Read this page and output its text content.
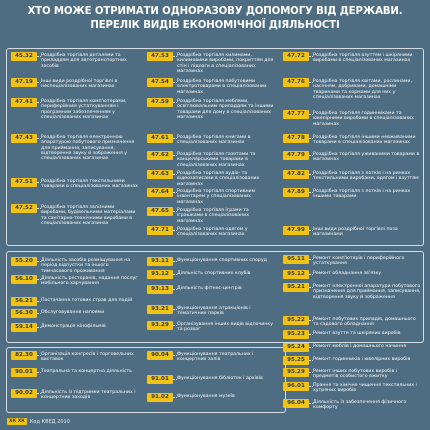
ХТО МОЖЕ ОТРИМАТИ ОДНОРАЗОВУ ДОПОМОГУ ВІД ДЕРЖАВИ.
ПЕРЕЛІК ВИДІВ ЕКОНОМІЧНОЇ ДІЯЛЬНОСТІ
45.32	Роздрібна торгівля деталями та приладдям для автотранспортних засобів
47.19	Інші види роздрібної торгівлі в неспеціалізованих магазинах
47.41	Роздрібна торгівля комп'ютерами, периферійним устаткуванням і програмним забезпеченням у спеціалізованих магазинах
47.43	Роздрібна торгівля електронною апаратурою побутового призначення для приймання, записування, відтворення звуку й зображення у спеціалізованих магазинах
47.51	Роздрібна торгівля текстильними товарами в спеціалізованих магазинах
47.52	Роздрібна торгівля залізними виробами, будівельними матеріалами та санітарно-технічними виробами в спеціалізованих магазинах
47.53	Роздрібна торгівля килимами, килимовими виробами, покриттям для стін і підлоги в спеціалізованих магазинах
47.54	Роздрібна торгівля побутовими електротоварами в спеціалізованих магазинах
47.59	Роздрібна торгівля меблями, освітлювальним приладдям та іншими товарами для дому в спеціалізованих магазинах
47.61	Роздрібна торгівля книгами в спеціалізованих магазинах
47.62	Роздрібна торгівля газетами та канцелярськими товарами в спеціалізованих магазинах
47.63	Роздрібна торгівля аудіо- та відеозаписами в спеціалізованих магазинах
47.64	Роздрібна торгівля спортивним інвентарем у спеціалізованих магазинах
47.65	Роздрібна торгівля іграми та іграшками в спеціалізованих магазинах
47.71	Роздрібна торгівля одягом у спеціалізованих магазинах
47.72	Роздрібна торгівля взуттям і шкіряними виробами в спеціалізованих магазинах
47.76	Роздрібна торгівля квітами, рослинами, насінням, добривами, домашніми тваринами та кормами для них у спеціалізованих магазинах
47.77	Роздрібна торгівля годинниками та ювелірними виробами в спеціалізованих магазинах
47.78	Роздрібна торгівля іншими невживаними товарами в спеціалізованих магазинах
47.79	Роздрібна торгівля уживаними товарами в магазинах
47.82	Роздрібна торгівля з лотків і на ринках текстильними виробами, одягом і взуттям
47.89	Роздрібна торгівля з лотків і на ринках іншими товарами
47.99	Інші види роздрібної торгівлі поза магазинами
55.20	Діяльність засобів розміщування на період відпустки та іншого тимчасового проживання
56.10	Діяльність ресторанів, надання послуг мобільного харчування
56.21	Постачання готових страв для подій
56.30	Обслуговування напоями
59.14	Демонстрація кінофільмів
93.11	Функціонування спортивних споруд
93.12	Діяльність спортивних клубів
93.13	Діяльність фітнес-центрів
93.21	Функціонування атракціонів і тематичних парків
93.29	Організування інших видів відпочинку та розваг
95.11	Ремонт комп'ютерів і периферійного устаткування
95.12	Ремонт обладнання зв'язку
95.21	Ремонт електронної апаратури побутового призначення для приймання, записування, відтворення звуку й зображення
95.22	Ремонт побутових приладів, домашнього та садового обладнання
95.23	Ремонт взуття та шкіряних виробів
95.24	Ремонт меблів і домашнього начиння
95.25	Ремонт годинників і ювелірних виробів
95.29	Ремонт інших побутових виробів і предметів особистого вжитку
96.01	Прання та хімічне чищення текстильних і хутряних виробів
96.04	Діяльність із забезпечення фізичного комфорту
82.30	Організація конгресів і торговельних виставок
90.01	Театральна та концертна діяльність
90.02	Діяльність із підтримки театральних і концертних заходів
90.04	Функціонування театральних і концертних залів
91.01	Функціонування бібліотек і архівів
91.02	Функціонування музеїв
ХК ХК	Код КВЕД 2010
